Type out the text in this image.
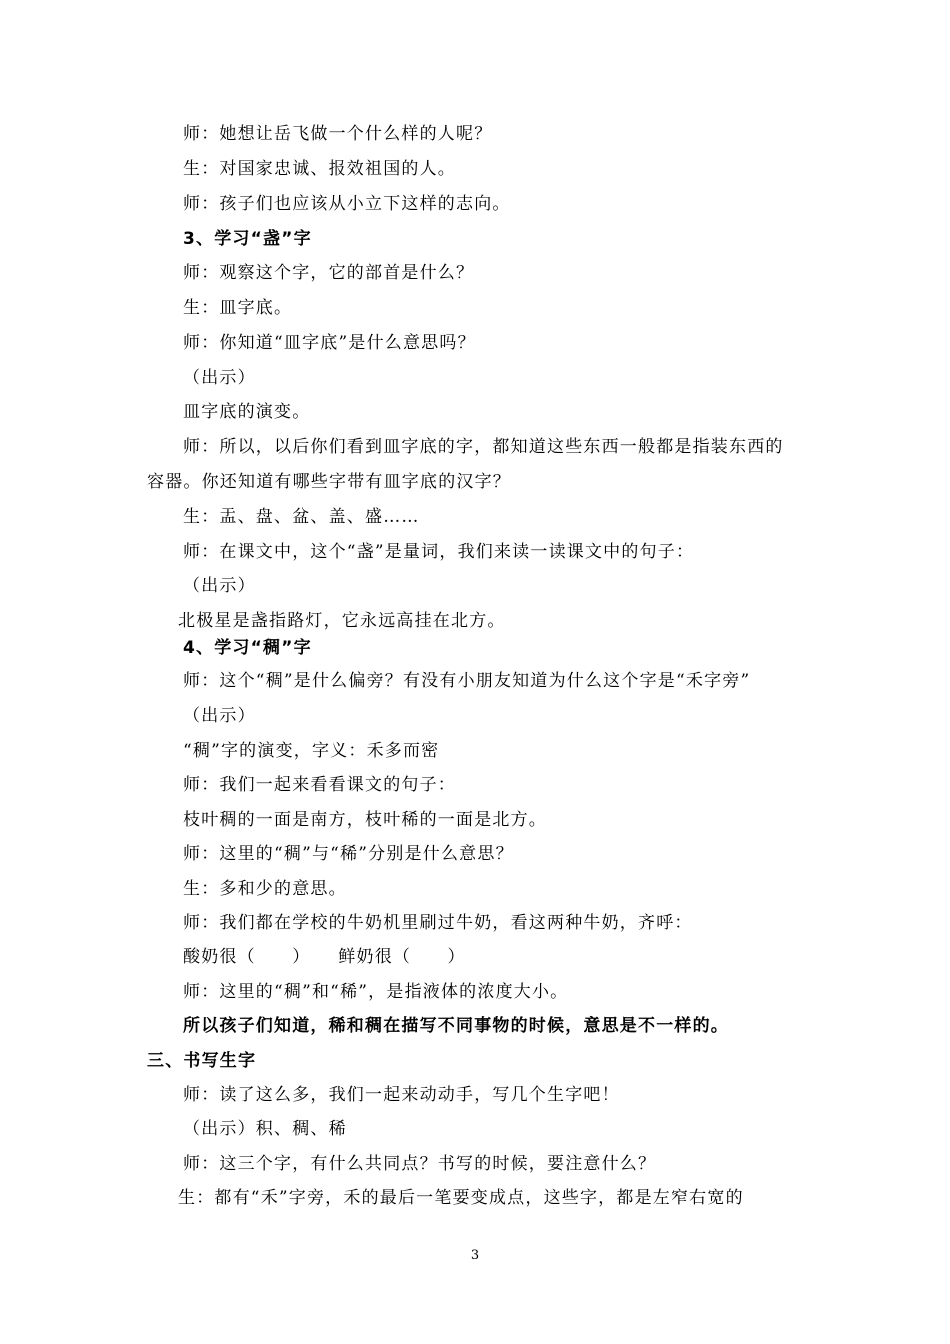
师：她想让岳飞做一个什么样的人呢？
生：对国家忠诚、报效祖国的人。
师：孩子们也应该从小立下这样的志向。
3、学习“盏”字
师：观察这个字，它的部首是什么？
生：皿字底。
师：你知道“皿字底”是什么意思吗？
（出示）
皿字底的演变。
师：所以，以后你们看到皿字底的字，都知道这些东西一般都是指装东西的
容器。你还知道有哪些字带有皿字底的汉字？
生：盂、盘、盆、盖、盛……
师：在课文中，这个“盏”是量词，我们来读一读课文中的句子：
（出示）
北极星是盏指路灯，它永远高挂在北方。
4、学习“稠”字
师：这个“稠”是什么偏旁？有没有小朋友知道为什么这个字是“禾字旁”
（出示）
“稠”字的演变，字义：禾多而密
师：我们一起来看看课文的句子：
枝叶稠的一面是南方，枝叶稀的一面是北方。
师：这里的“稠”与“稀”分别是什么意思？
生：多和少的意思。
师：我们都在学校的牛奶机里刷过牛奶，看这两种牛奶，齐呼：
酸奶很（　　）　　鲜奶很（　　）
师：这里的“稠”和“稀”，是指液体的浓度大小。
所以孩子们知道，稀和稠在描写不同事物的时候，意思是不一样的。
三、书写生字
师：读了这么多，我们一起来动动手，写几个生字吧！
（出示）积、稠、稀
师：这三个字，有什么共同点？书写的时候，要注意什么？
生：都有“禾”字旁，禾的最后一笔要变成点，这些字，都是左窄右宽的
3
